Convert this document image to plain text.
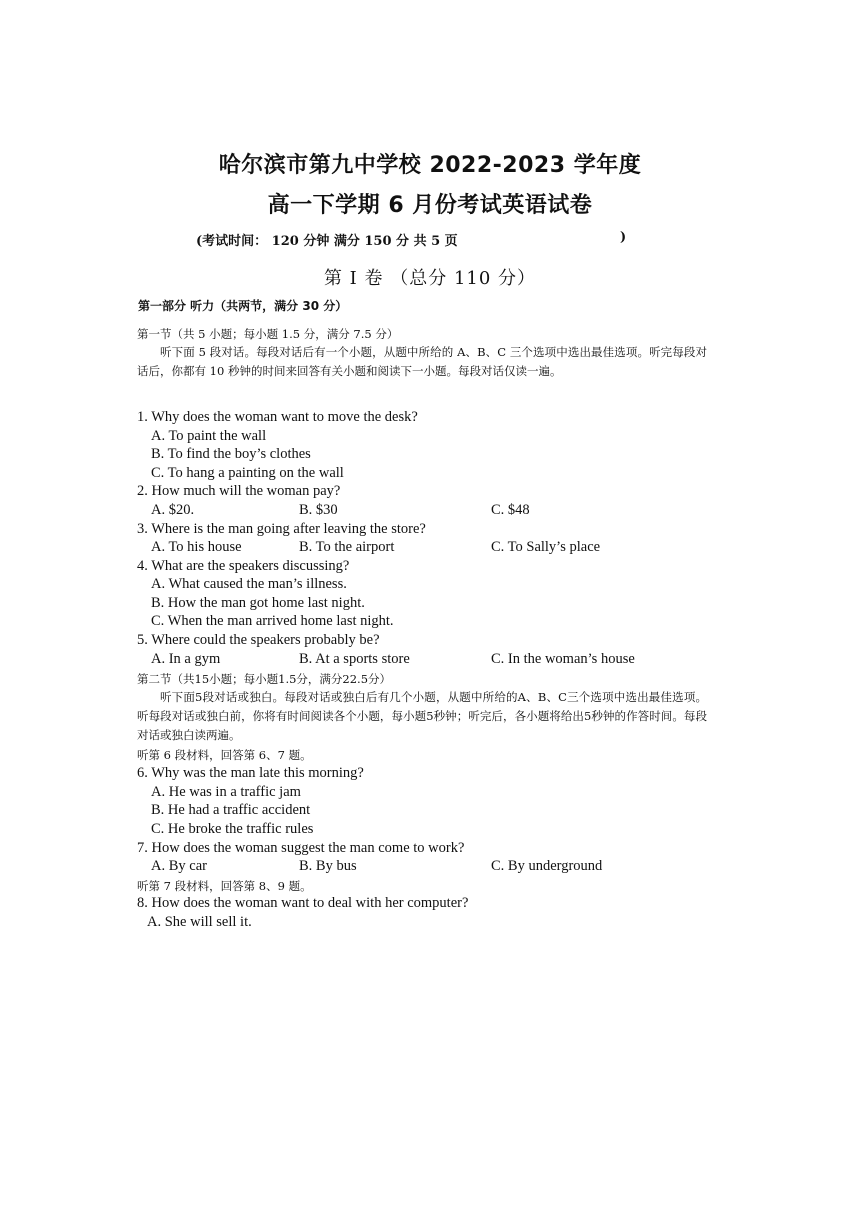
哈尔滨市第九中学校 2022-2023 学年度
高一下学期 6 月份考试英语试卷
(考试时间： 120 分钟 满分 150 分 共 5 页	)
第 I 卷 （总分 110 分）
第一部分 听力（共两节，满分 30 分）
第一节（共 5 小题；每小题 1.5 分，满分 7.5 分）
听下面 5 段对话。每段对话后有一个小题，从题中所给的 A、B、C 三个选项中选出最佳选项。听完每段对话后，你都有 10 秒钟的时间来回答有关小题和阅读下一小题。每段对话仅读一遍。
1. Why does the woman want to move the desk?
A. To paint the wall
B. To find the boy’s clothes
C. To hang a painting on the wall
2. How much will the woman pay?
A. $20.	B. $30	C. $48
3. Where is the man going after leaving the store?
A. To his house	B. To the airport	C. To Sally’s place
4. What are the speakers discussing?
A. What caused the man’s illness.
B. How the man got home last night.
C. When the man arrived home last night.
5. Where could the speakers probably be?
A. In a gym	B. At a sports store	C. In the woman’s house
第二节（共15小题；每小题1.5分，满分22.5分）
听下面5段对话或独白。每段对话或独白后有几个小题，从题中所给的A、B、C三个选项中选出最佳选项。听每段对话或独白前，你将有时间阅读各个小题，每小题5秒钟；听完后，各小题将给出5秒钟的作答时间。每段对话或独白读两遍。
听第 6 段材料，回答第 6、7 题。
6. Why was the man late this morning?
A. He was in a traffic jam
B. He had a traffic accident
C. He broke the traffic rules
7. How does the woman suggest the man come to work?
A. By car	B. By bus	C. By underground
听第 7 段材料，回答第 8、9 题。
8. How does the woman want to deal with her computer?
A. She will sell it.
